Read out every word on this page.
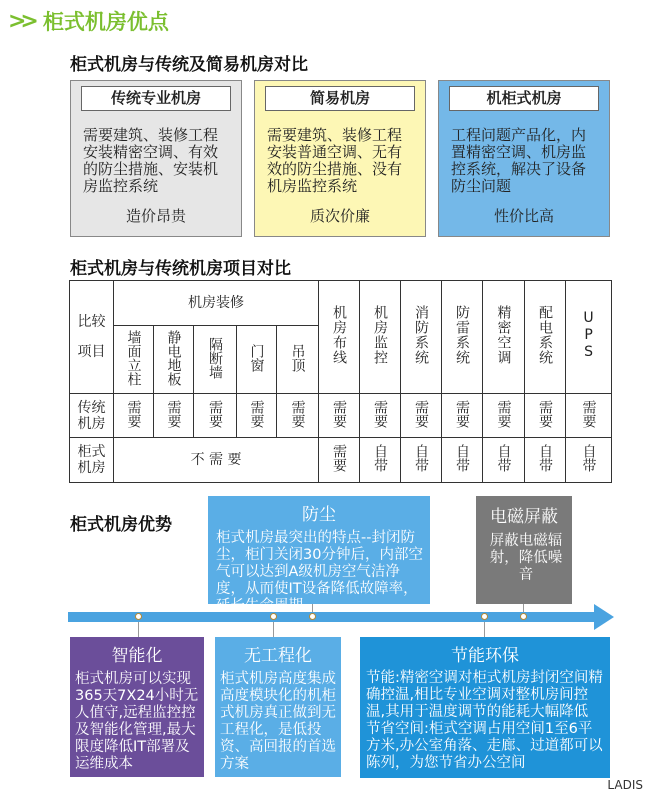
>> 柜式机房优点
柜式机房与传统及简易机房对比
传统专业机房
需要建筑、装修工程安装精密空调、有效的防尘措施、安装机房监控系统
造价昂贵
简易机房
需要建筑、装修工程安装普通空调、无有效的防尘措施、没有机房监控系统
质次价廉
机柜式机房
工程问题产品化，内置精密空调、机房监控系统，解决了设备防尘问题
性价比高
柜式机房与传统机房项目对比
比较
项目	机房装修					机房布线	机房监控	消防系统	防雷系统	精密空调	配电系统	UPS
	墙面立柱	静电地板	隔断墙	门窗	吊顶							
传统机房	需要	需要	需要	需要	需要	需要	需要	需要	需要	需要	需要	需要
柜式机房	不 需 要					需要	自带	自带	自带	自带	自带	自带
柜式机房优势	防尘
柜式机房最突出的特点--封闭防尘，柜门关闭30分钟后，内部空气可以达到A级机房空气洁净度，从而使IT设备降低故障率，延长生命周期
电磁屏蔽
屏蔽电磁辐射，降低噪音
智能化
柜式机房可以实现365天7X24小时无人值守,远程监控控及智能化管理,最大限度降低IT部署及运维成本
无工程化
柜式机房高度集成高度模块化的机柜式机房真正做到无工程化，是低投资、高回报的首选方案
节能环保
节能:精密空调对柜式机房封闭空间精确控温,相比专业空调对整机房间控温,其用于温度调节的能耗大幅降低
节省空间:柜式空调占用空间1至6平方米,办公室角落、走廊、过道都可以陈列，为您节省办公空间
LADIS
